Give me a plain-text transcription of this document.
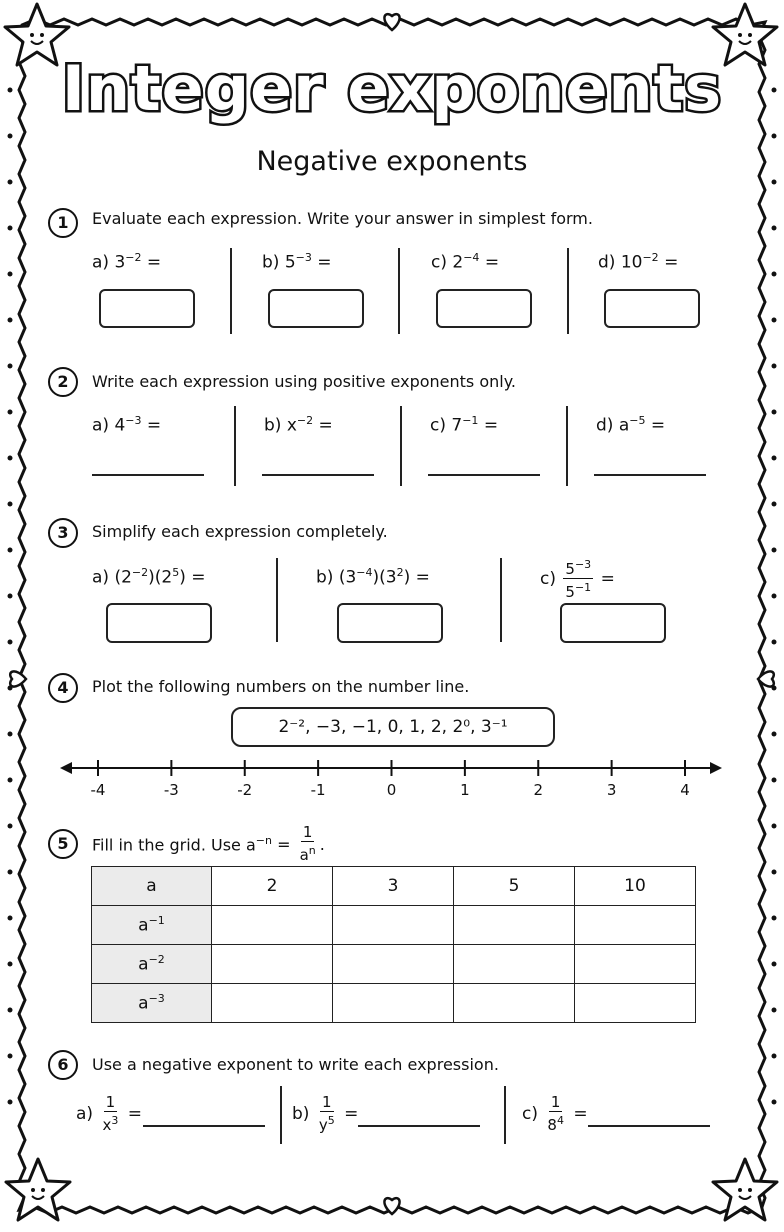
Integer exponents
Negative exponents
1	Evaluate each expression. Write your answer in simplest form.
a) $3^{-2}$ =	b) $5^{-3}$ =	c) $2^{-4}$ =	d) $10^{-2}$ =
2	Write each expression using positive exponents only.
a) $4^{-3}$ =	b) $x^{-2}$ =	c) $7^{-1}$ =	d) $a^{-5}$ =
3	Simplify each expression completely.
a) $(2^{-2})(2^5)$ =	b) $(3^{-4})(3^2)$ =	$c) \frac{5^{-3}}{5^{-1}}$ =
4	Plot the following numbers on the number line.
2⁻², −3, −1, 0, 1, 2, 2⁰, 3⁻¹
-4	-3	-2	-1	0	1	2	3	4
5	Fill in the grid. Use $a^{-n} = \frac{1}{a^n}$ .
a	2	3	5	10
$a^{-1}$				
$a^{-2}$				
$a^{-3}$				
6	Use a negative exponent to write each expression.
$a) \frac{1}{x^3}$ =	$b) \frac{1}{y^5}$ =	$c) \frac{1}{8^4}$ =
